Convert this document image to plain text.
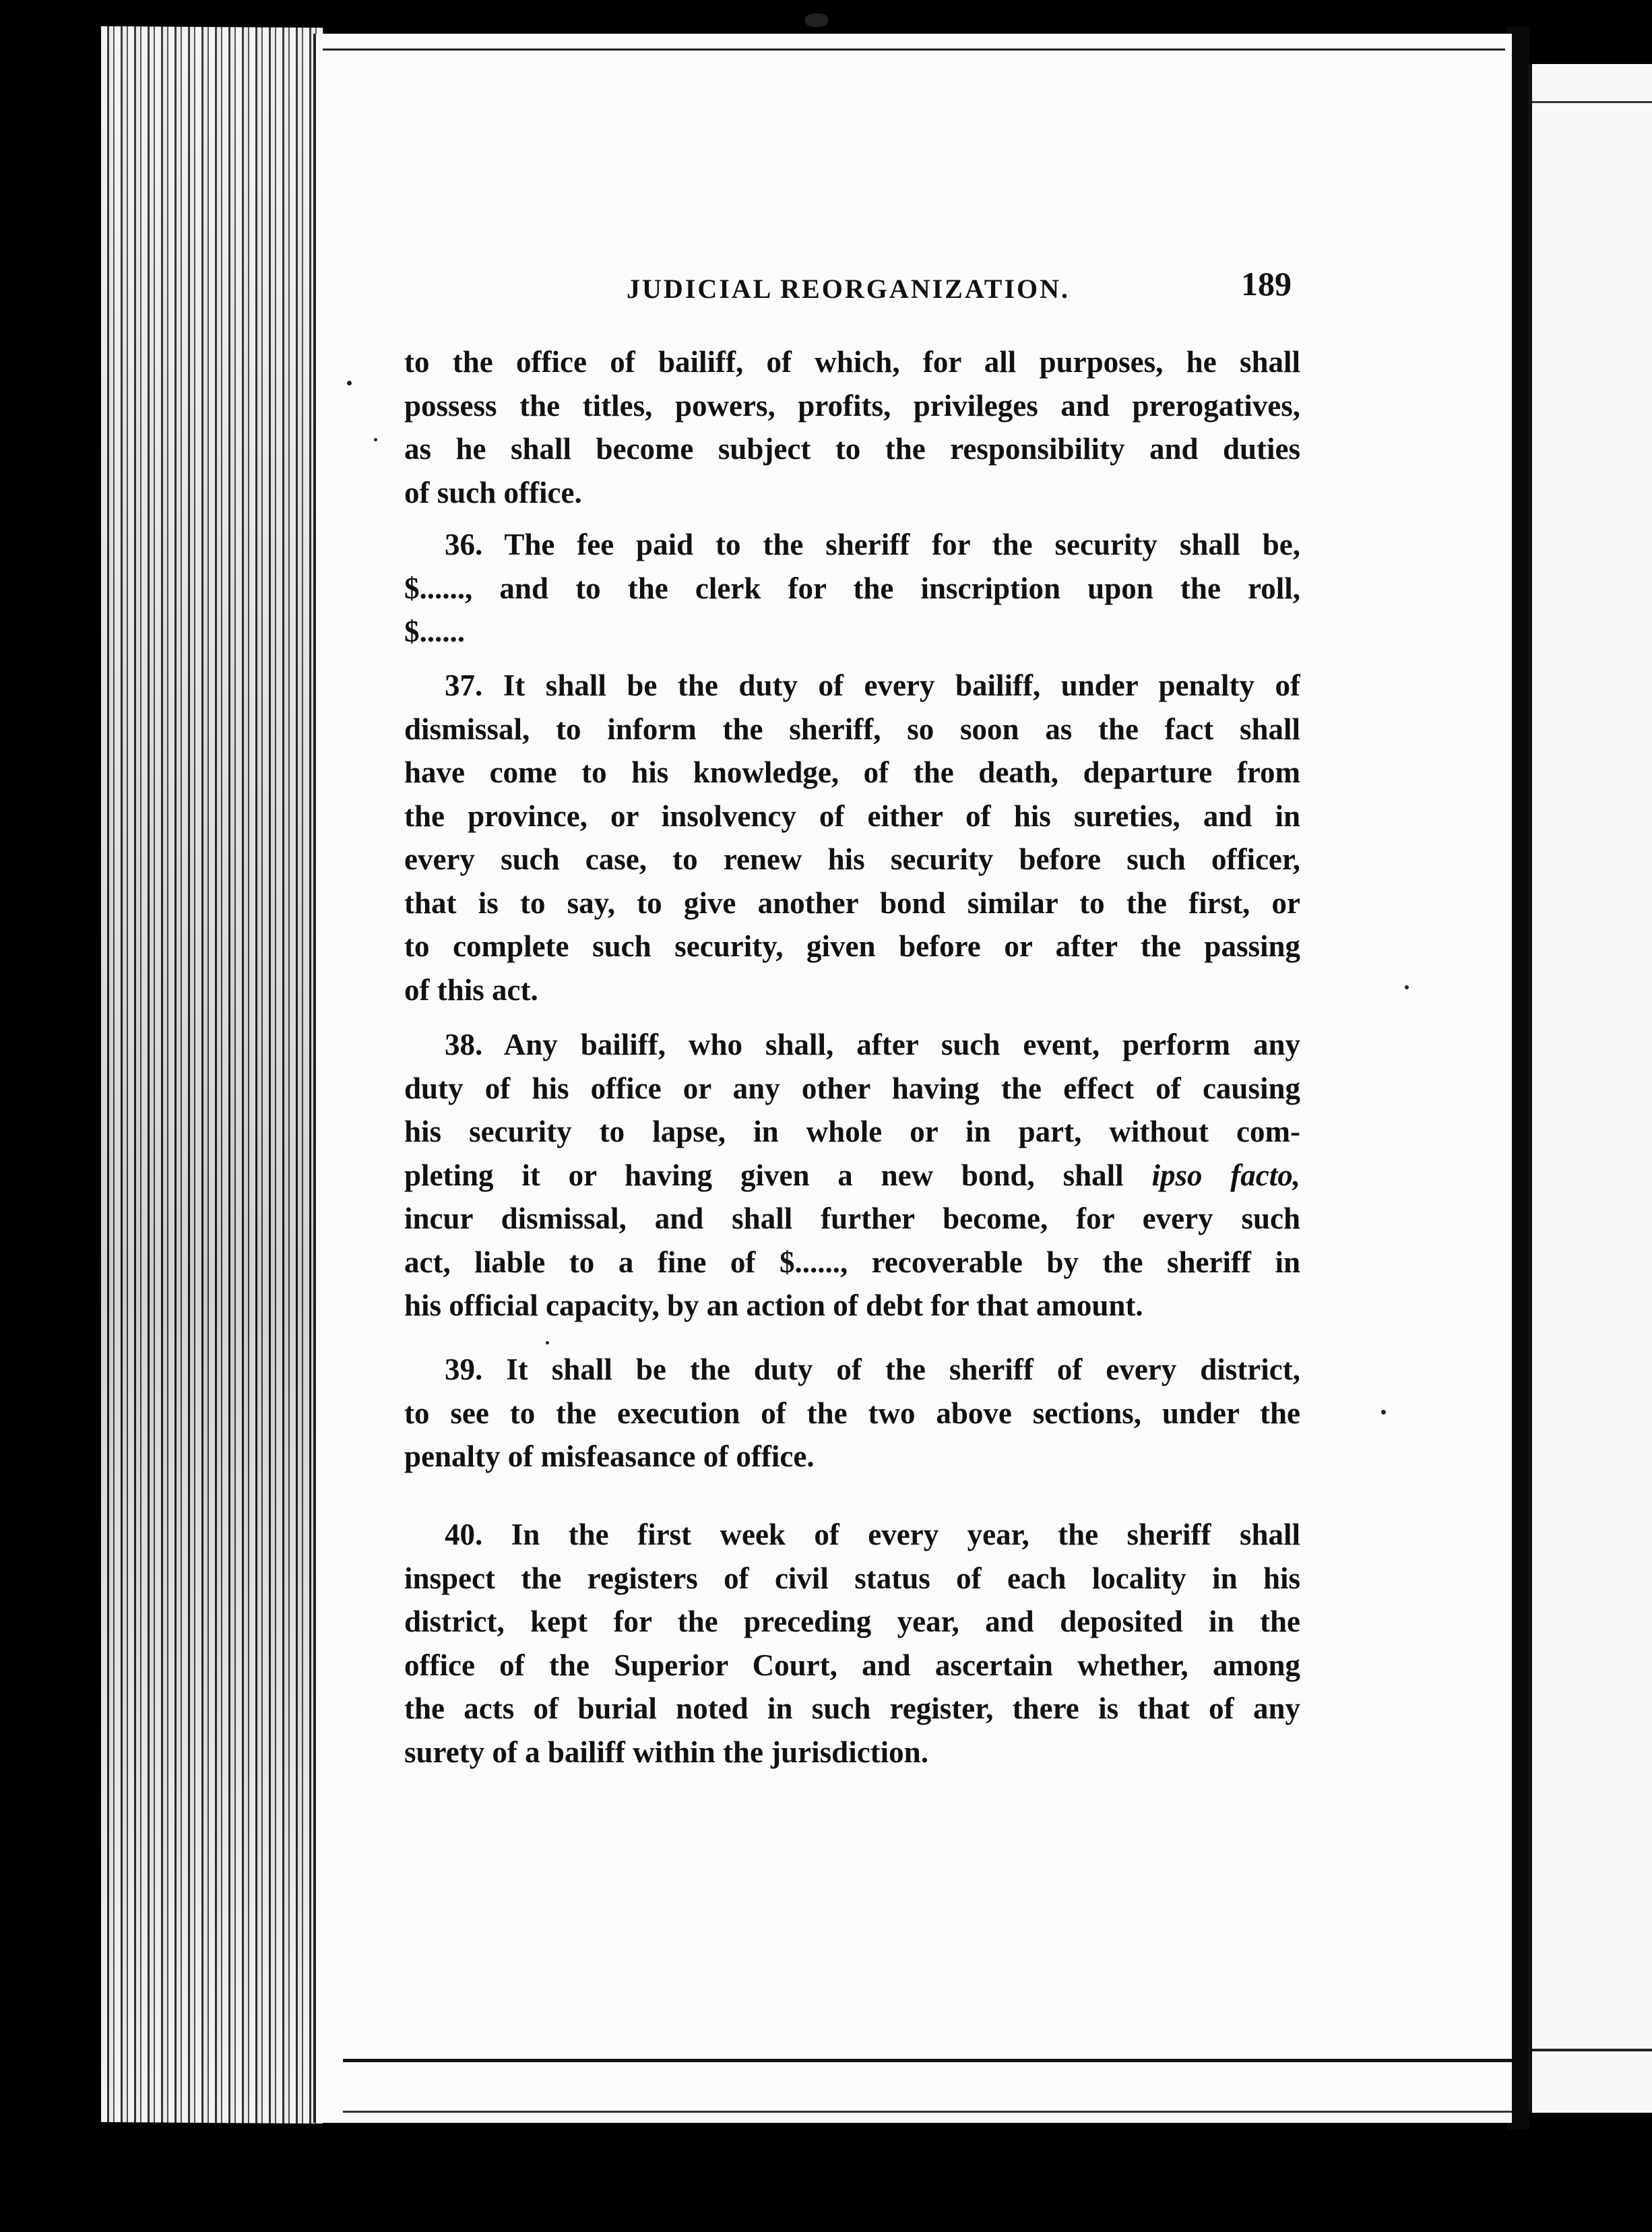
JUDICIAL REORGANIZATION.	189
to the office of bailiff, of which, for all purposes, he shall
possess the titles, powers, profits, privileges and prerogatives,
as he shall become subject to the responsibility and duties
of such office.
36. The fee paid to the sheriff for the security shall be,
$......, and to the clerk for the inscription upon the roll,
$......
37. It shall be the duty of every bailiff, under penalty of
dismissal, to inform the sheriff, so soon as the fact shall
have come to his knowledge, of the death, departure from
the province, or insolvency of either of his sureties, and in
every such case, to renew his security before such officer,
that is to say, to give another bond similar to the first, or
to complete such security, given before or after the passing
of this act.
38. Any bailiff, who shall, after such event, perform any
duty of his office or any other having the effect of causing
his security to lapse, in whole or in part, without com-
pleting it or having given a new bond, shall ipso facto,
incur dismissal, and shall further become, for every such
act, liable to a fine of $......, recoverable by the sheriff in
his official capacity, by an action of debt for that amount.
39. It shall be the duty of the sheriff of every district,
to see to the execution of the two above sections, under the
penalty of misfeasance of office.
40. In the first week of every year, the sheriff shall
inspect the registers of civil status of each locality in his
district, kept for the preceding year, and deposited in the
office of the Superior Court, and ascertain whether, among
the acts of burial noted in such register, there is that of any
surety of a bailiff within the jurisdiction.
